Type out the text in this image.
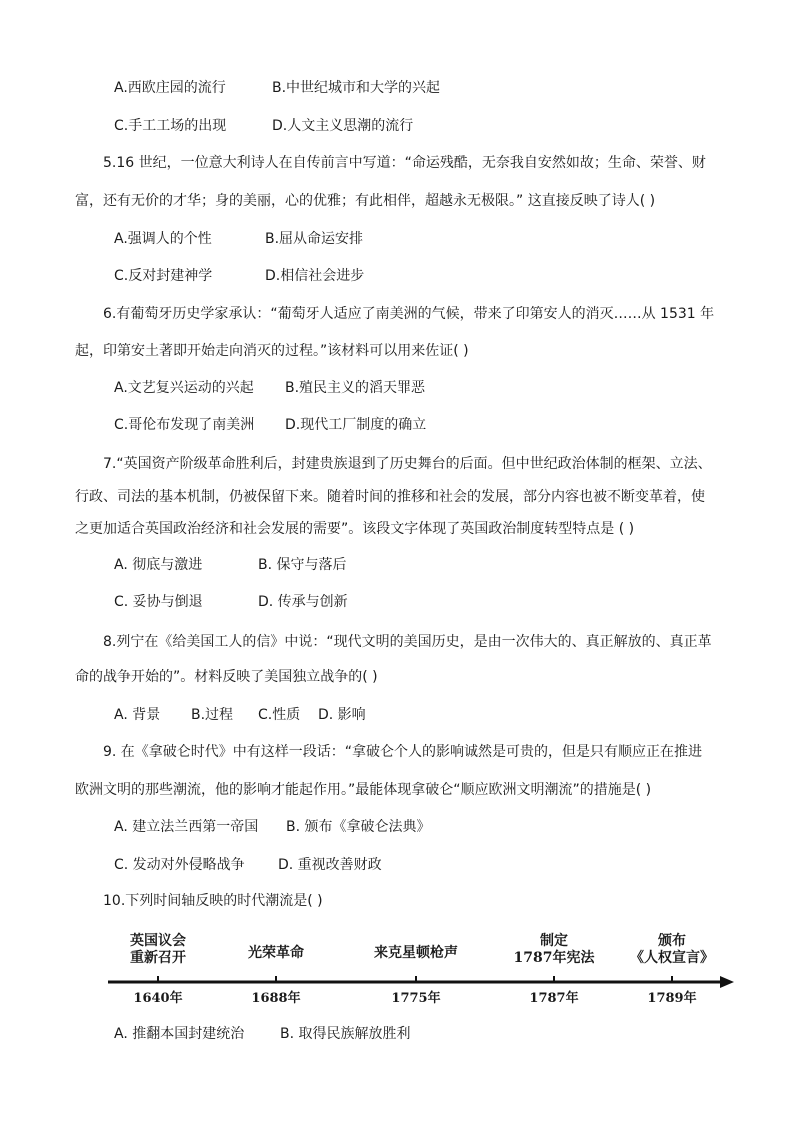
A.西欧庄园的流行	B.中世纪城市和大学的兴起
C.手工工场的出现	D.人文主义思潮的流行
5.16 世纪，一位意大利诗人在自传前言中写道：“命运残酷，无奈我自安然如故；生命、荣誉、财
富，还有无价的才华；身的美丽，心的优雅；有此相伴，超越永无极限。” 这直接反映了诗人( )
A.强调人的个性	B.屈从命运安排
C.反对封建神学	D.相信社会进步
6.有葡萄牙历史学家承认：“葡萄牙人适应了南美洲的气候，带来了印第安人的消灭……从 1531 年
起，印第安土著即开始走向消灭的过程。”该材料可以用来佐证( )
A.文艺复兴运动的兴起 B.殖民主义的滔天罪恶
C.哥伦布发现了南美洲 D.现代工厂制度的确立
7.“英国资产阶级革命胜利后，封建贵族退到了历史舞台的后面。但中世纪政治体制的框架、立法、
行政、司法的基本机制，仍被保留下来。随着时间的推移和社会的发展，部分内容也被不断变革着，使
之更加适合英国政治经济和社会发展的需要”。该段文字体现了英国政治制度转型特点是 ( )
A. 彻底与激进	B. 保守与落后
C. 妥协与倒退	D. 传承与创新
8.列宁在《给美国工人的信》中说：“现代文明的美国历史，是由一次伟大的、真正解放的、真正革
命的战争开始的”。材料反映了美国独立战争的( )
A. 背景 B.过程 C.性质 D. 影响
9. 在《拿破仑时代》中有这样一段话：“拿破仑个人的影响诚然是可贵的，但是只有顺应正在推进
欧洲文明的那些潮流，他的影响才能起作用。”最能体现拿破仑“顺应欧洲文明潮流”的措施是( )
A. 建立法兰西第一帝国 B. 颁布《拿破仑法典》
C. 发动对外侵略战争 D. 重视改善财政
10.下列时间轴反映的时代潮流是( )
英国议会
重新召开
1640年
光荣革命
1688年
来克星顿枪声
1775年
制定
1787年宪法
1787年
颁布
《人权宣言》
1789年
A. 推翻本国封建统治	B. 取得民族解放胜利
